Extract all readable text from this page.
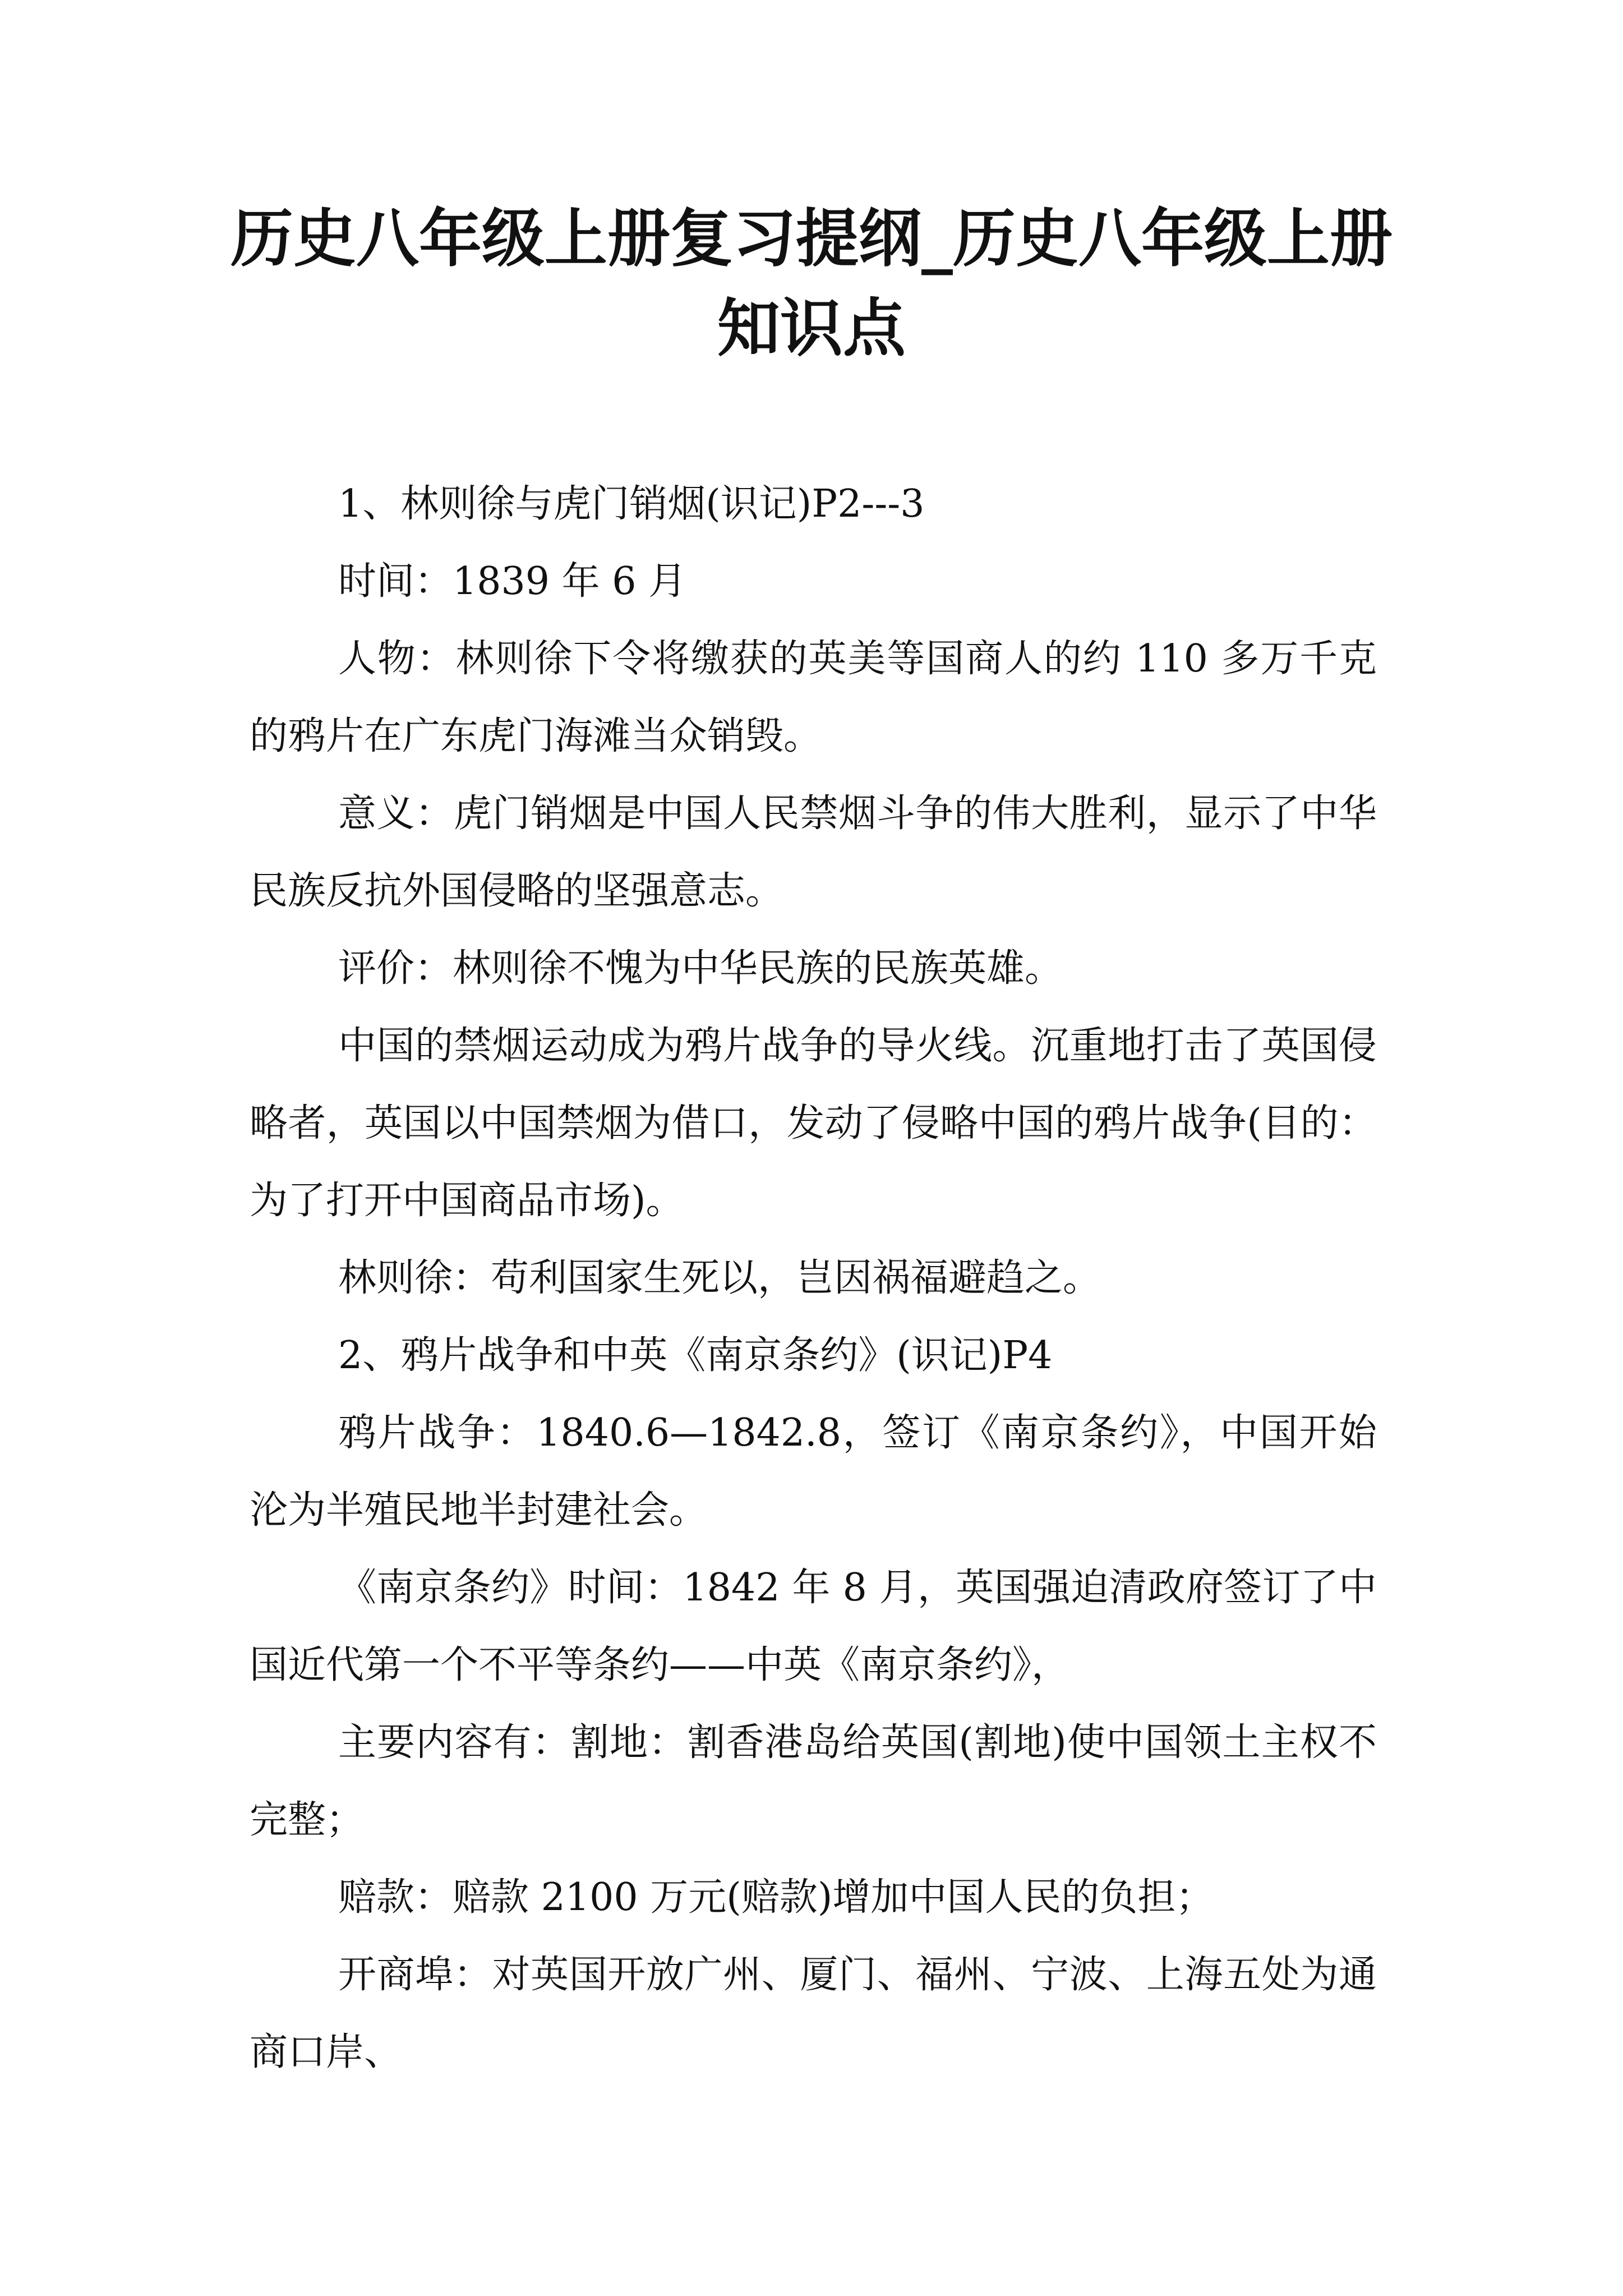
历史八年级上册复习提纲_历史八年级上册
知识点

1、林则徐与虎门销烟(识记)P2---3

时间：1839 年 6 月

人物：林则徐下令将缴获的英美等国商人的约 110 多万千克的鸦片在广东虎门海滩当众销毁。

意义：虎门销烟是中国人民禁烟斗争的伟大胜利，显示了中华民族反抗外国侵略的坚强意志。

评价：林则徐不愧为中华民族的民族英雄。

中国的禁烟运动成为鸦片战争的导火线。沉重地打击了英国侵略者，英国以中国禁烟为借口，发动了侵略中国的鸦片战争(目的：为了打开中国商品市场)。

林则徐：苟利国家生死以，岂因祸福避趋之。

2、鸦片战争和中英《南京条约》(识记)P4

鸦片战争：1840.6—1842.8，签订《南京条约》，中国开始沦为半殖民地半封建社会。

《南京条约》时间：1842 年 8 月，英国强迫清政府签订了中国近代第一个不平等条约——中英《南京条约》，

主要内容有：割地：割香港岛给英国(割地)使中国领土主权不完整；

赔款：赔款 2100 万元(赔款)增加中国人民的负担；

开商埠：对英国开放广州、厦门、福州、宁波、上海五处为通商口岸、
